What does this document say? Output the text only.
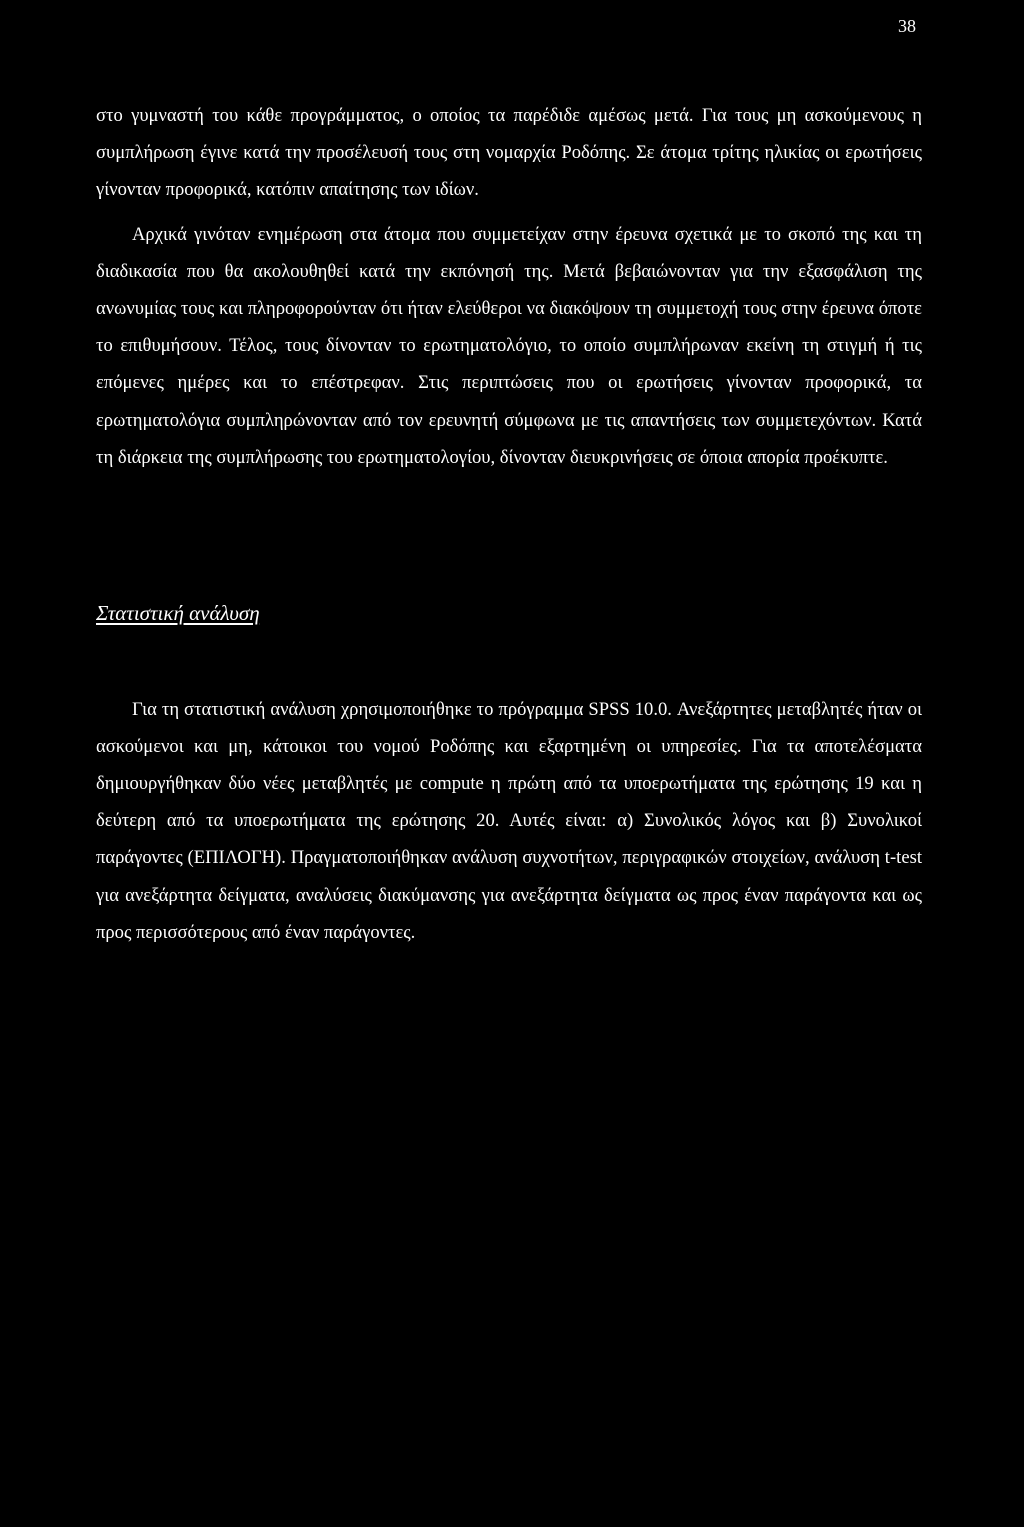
38

στο γυμναστή του κάθε προγράμματος, ο οποίος τα παρέδιδε αμέσως μετά. Για τους μη ασκούμενους η συμπλήρωση έγινε κατά την προσέλευσή τους στη νομαρχία Ροδόπης. Σε άτομα τρίτης ηλικίας οι ερωτήσεις γίνονταν προφορικά, κατόπιν απαίτησης των ιδίων.

Αρχικά γινόταν ενημέρωση στα άτομα που συμμετείχαν στην έρευνα σχετικά με το σκοπό της και τη διαδικασία που θα ακολουθηθεί κατά την εκπόνησή της. Μετά βεβαιώνονταν για την εξασφάλιση της ανωνυμίας τους και πληροφορούνταν ότι ήταν ελεύθεροι να διακόψουν τη συμμετοχή τους στην έρευνα όποτε το επιθυμήσουν. Τέλος, τους δίνονταν το ερωτηματολόγιο, το οποίο συμπλήρωναν εκείνη τη στιγμή ή τις επόμενες ημέρες και το επέστρεφαν. Στις περιπτώσεις που οι ερωτήσεις γίνονταν προφορικά, τα ερωτηματολόγια συμπληρώνονταν από τον ερευνητή σύμφωνα με τις απαντήσεις των συμμετεχόντων. Κατά τη διάρκεια της συμπλήρωσης του ερωτηματολογίου, δίνονταν διευκρινήσεις σε όποια απορία προέκυπτε.

Στατιστική ανάλυση

Για τη στατιστική ανάλυση χρησιμοποιήθηκε το πρόγραμμα SPSS 10.0. Ανεξάρτητες μεταβλητές ήταν οι ασκούμενοι και μη, κάτοικοι του νομού Ροδόπης και εξαρτημένη οι υπηρεσίες. Για τα αποτελέσματα δημιουργήθηκαν δύο νέες μεταβλητές με compute η πρώτη από τα υποερωτήματα της ερώτησης 19 και η δεύτερη από τα υποερωτήματα της ερώτησης 20. Αυτές είναι: α) Συνολικός λόγος και β) Συνολικοί παράγοντες (ΕΠΙΛΟΓΗ). Πραγματοποιήθηκαν ανάλυση συχνοτήτων, περιγραφικών στοιχείων, ανάλυση t-test για ανεξάρτητα δείγματα, αναλύσεις διακύμανσης για ανεξάρτητα δείγματα ως προς έναν παράγοντα και ως προς περισσότερους από έναν παράγοντες.
